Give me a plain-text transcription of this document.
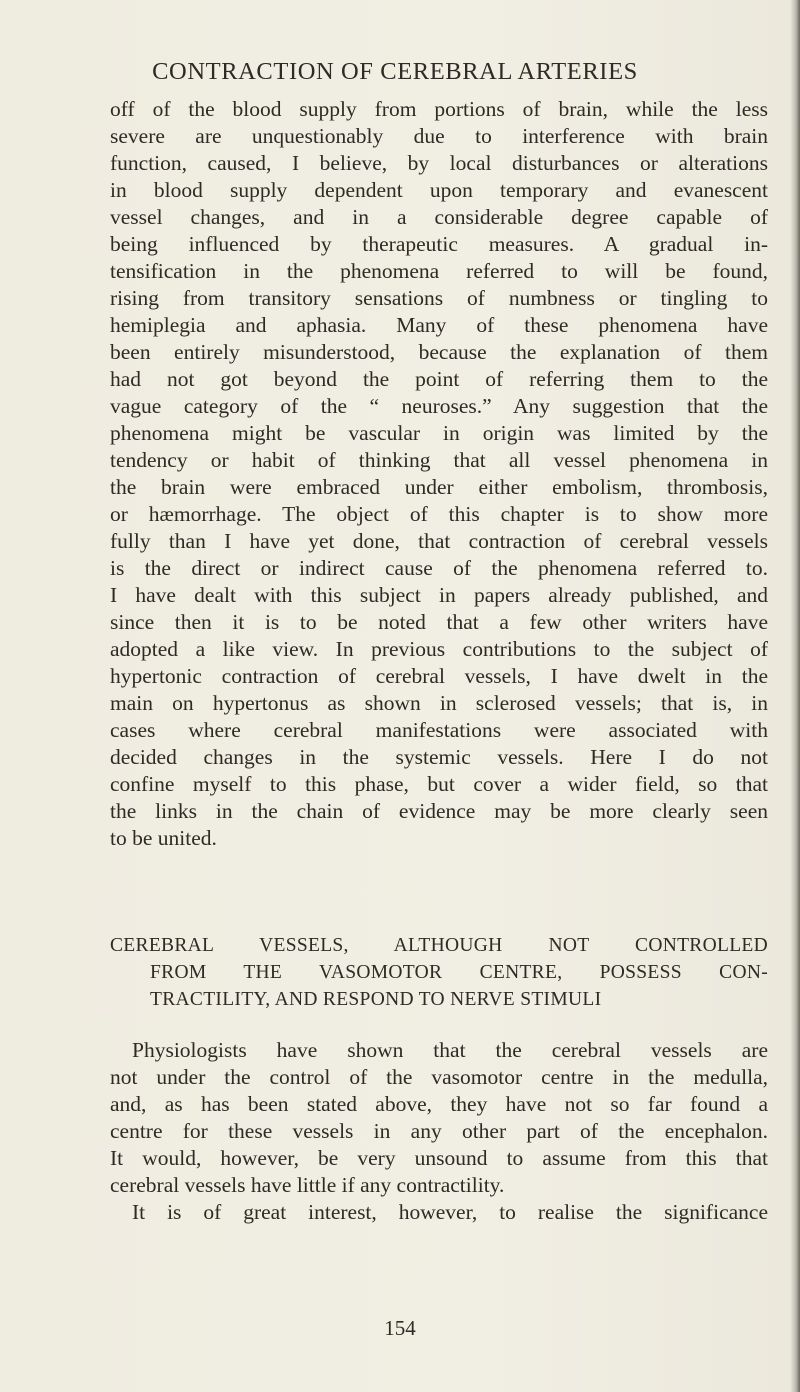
CONTRACTION OF CEREBRAL ARTERIES
off of the blood supply from portions of brain, while the less
severe are unquestionably due to interference with brain
function, caused, I believe, by local disturbances or alterations
in blood supply dependent upon temporary and evanescent
vessel changes, and in a considerable degree capable of
being influenced by therapeutic measures. A gradual in-
tensification in the phenomena referred to will be found,
rising from transitory sensations of numbness or tingling to
hemiplegia and aphasia. Many of these phenomena have
been entirely misunderstood, because the explanation of them
had not got beyond the point of referring them to the
vague category of the “ neuroses.” Any suggestion that the
phenomena might be vascular in origin was limited by the
tendency or habit of thinking that all vessel phenomena in
the brain were embraced under either embolism, thrombosis,
or hæmorrhage. The object of this chapter is to show more
fully than I have yet done, that contraction of cerebral vessels
is the direct or indirect cause of the phenomena referred to.
I have dealt with this subject in papers already published, and
since then it is to be noted that a few other writers have
adopted a like view. In previous contributions to the subject of
hypertonic contraction of cerebral vessels, I have dwelt in the
main on hypertonus as shown in sclerosed vessels; that is, in
cases where cerebral manifestations were associated with
decided changes in the systemic vessels. Here I do not
confine myself to this phase, but cover a wider field, so that
the links in the chain of evidence may be more clearly seen
to be united.
CEREBRAL VESSELS, ALTHOUGH NOT CONTROLLED
FROM THE VASOMOTOR CENTRE, POSSESS CON-
TRACTILITY, AND RESPOND TO NERVE STIMULI
Physiologists have shown that the cerebral vessels are
not under the control of the vasomotor centre in the medulla,
and, as has been stated above, they have not so far found a
centre for these vessels in any other part of the encephalon.
It would, however, be very unsound to assume from this that
cerebral vessels have little if any contractility.
It is of great interest, however, to realise the significance
154
